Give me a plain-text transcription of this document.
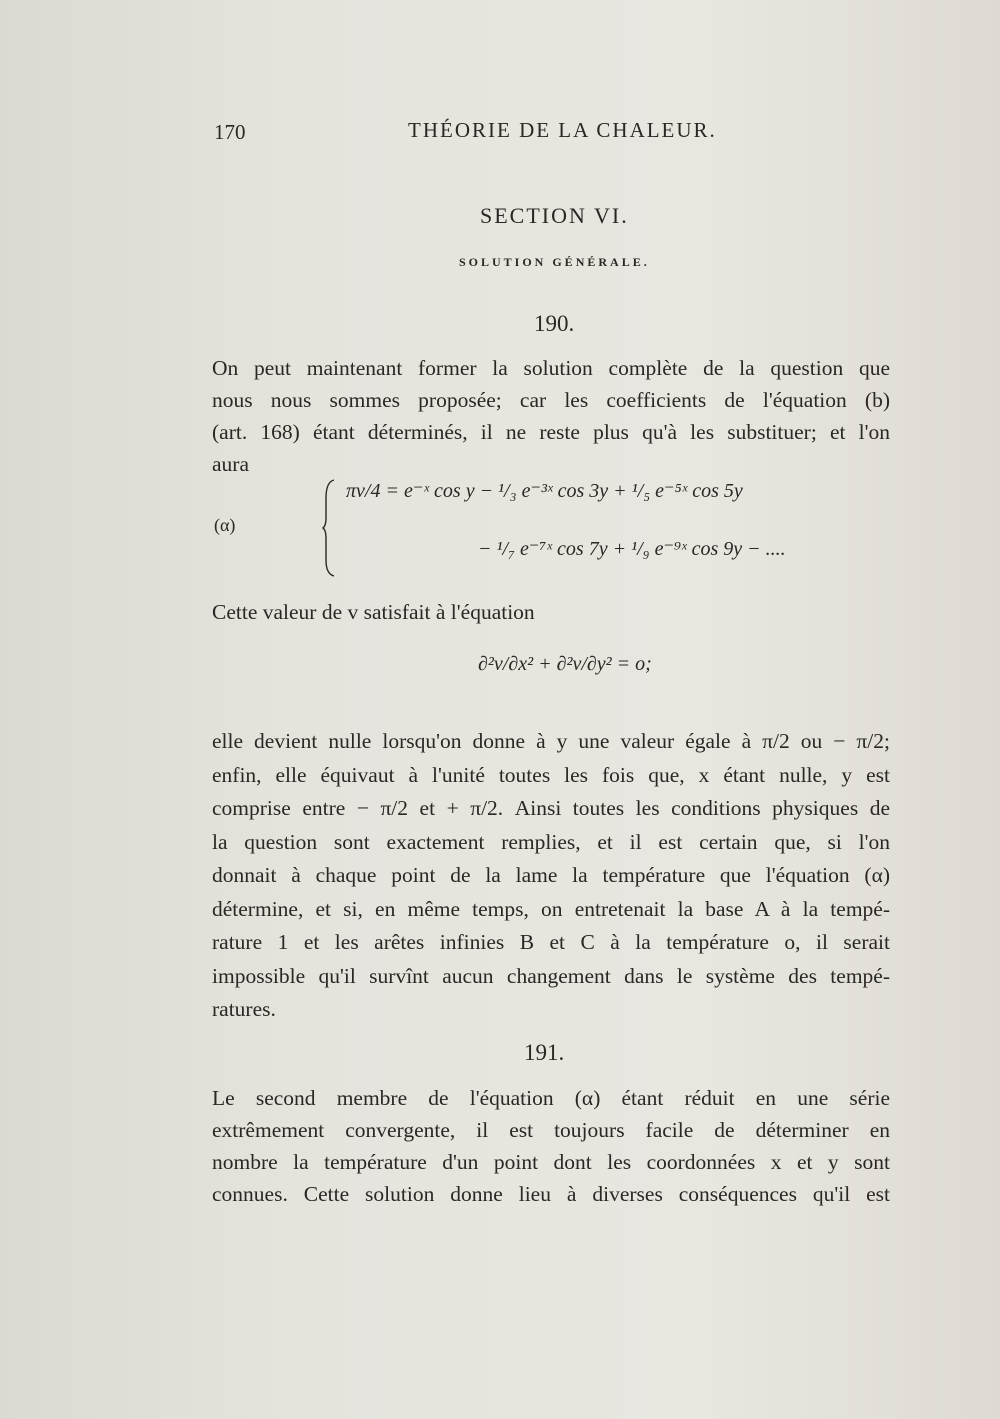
170	THÉORIE DE LA CHALEUR.
SECTION VI.
SOLUTION GÉNÉRALE.
190.
On peut maintenant former la solution complète de la question que
nous nous sommes proposée; car les coefficients de l'équation (b)
(art. 168) étant déterminés, il ne reste plus qu'à les substituer; et l'on
aura
(α)
πv/4 = e⁻ˣ cos y − ¹/₃ e⁻³ˣ cos 3y + ¹/₅ e⁻⁵ˣ cos 5y
− ¹/₇ e⁻⁷ˣ cos 7y + ¹/₉ e⁻⁹ˣ cos 9y − ....
Cette valeur de v satisfait à l'équation
∂²v/∂x² + ∂²v/∂y² = o;
elle devient nulle lorsqu'on donne à y une valeur égale à π/2 ou − π/2;
enfin, elle équivaut à l'unité toutes les fois que, x étant nulle, y est
comprise entre − π/2 et + π/2. Ainsi toutes les conditions physiques de
la question sont exactement remplies, et il est certain que, si l'on
donnait à chaque point de la lame la température que l'équation (α)
détermine, et si, en même temps, on entretenait la base A à la tempé-
rature 1 et les arêtes infinies B et C à la température o, il serait
impossible qu'il survînt aucun changement dans le système des tempé-
ratures.
191.
Le second membre de l'équation (α) étant réduit en une série
extrêmement convergente, il est toujours facile de déterminer en
nombre la température d'un point dont les coordonnées x et y sont
connues. Cette solution donne lieu à diverses conséquences qu'il est
